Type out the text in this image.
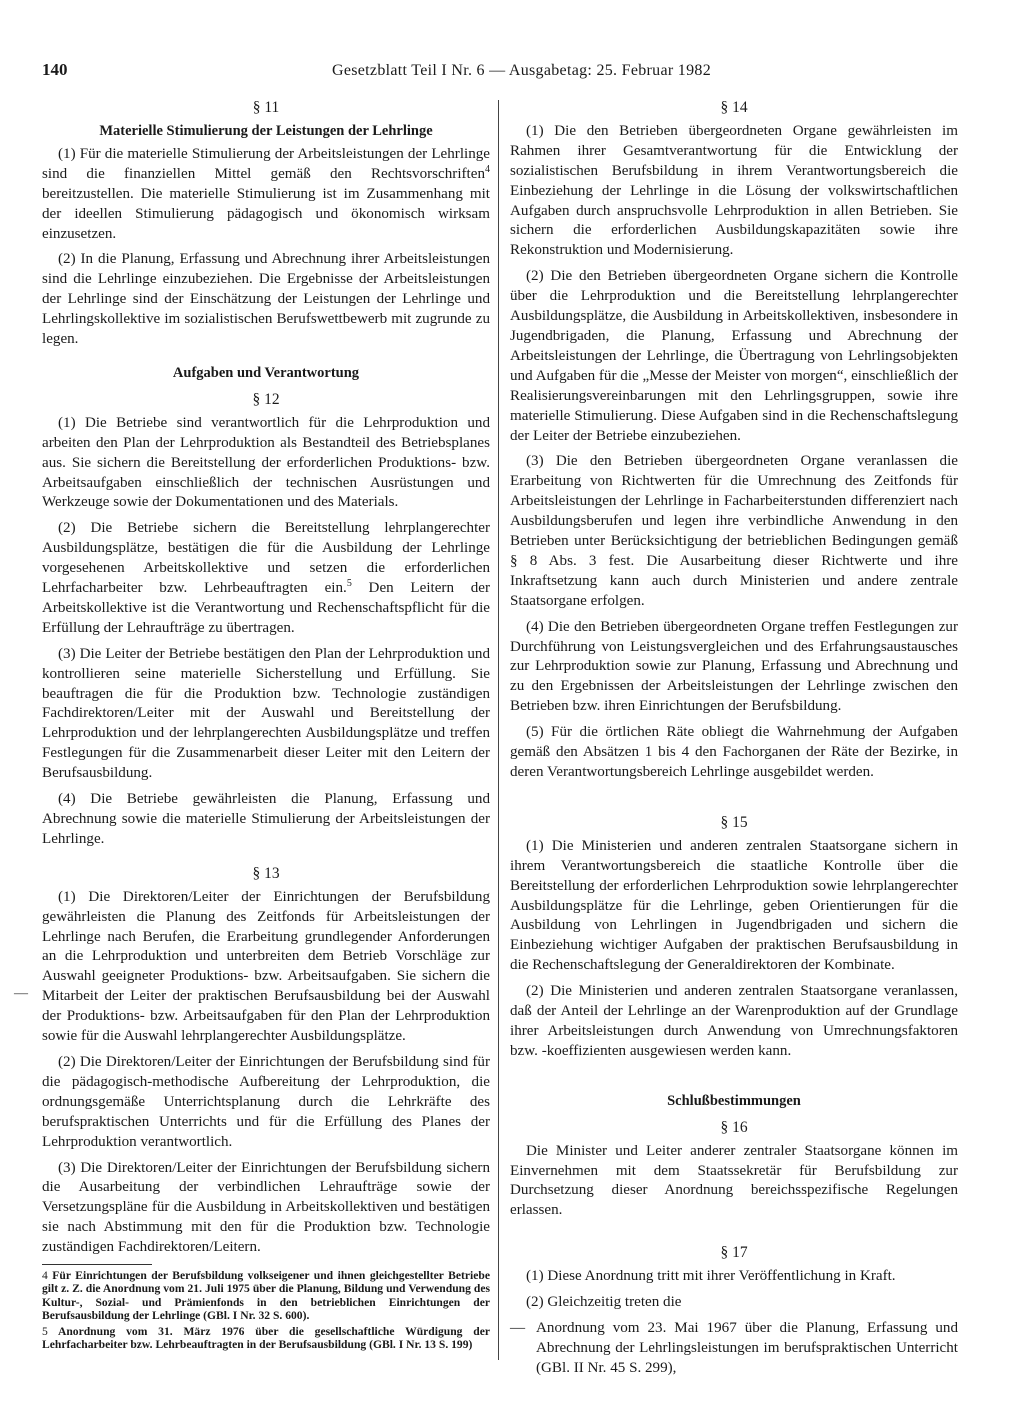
140	Gesetzblatt Teil I Nr. 6 — Ausgabetag: 25. Februar 1982
—
§ 11
Materielle Stimulierung der Leistungen der Lehrlinge

(1) Für die materielle Stimulierung der Arbeitsleistungen der Lehrlinge sind die finanziellen Mittel gemäß den Rechtsvorschriften$^4$ bereitzustellen. Die materielle Stimulierung ist im Zusammenhang mit der ideellen Stimulierung pädagogisch und ökonomisch wirksam einzusetzen.

(2) In die Planung, Erfassung und Abrechnung ihrer Arbeitsleistungen sind die Lehrlinge einzubeziehen. Die Ergebnisse der Arbeitsleistungen der Lehrlinge sind der Einschätzung der Leistungen der Lehrlinge und Lehrlingskollektive im sozialistischen Berufswettbewerb mit zugrunde zu legen.

Aufgaben und Verantwortung
§ 12

(1) Die Betriebe sind verantwortlich für die Lehrproduktion und arbeiten den Plan der Lehrproduktion als Bestandteil des Betriebsplanes aus. Sie sichern die Bereitstellung der erforderlichen Produktions- bzw. Arbeitsaufgaben einschließlich der technischen Ausrüstungen und Werkzeuge sowie der Dokumentationen und des Materials.

(2) Die Betriebe sichern die Bereitstellung lehrplangerechter Ausbildungsplätze, bestätigen die für die Ausbildung der Lehrlinge vorgesehenen Arbeitskollektive und setzen die erforderlichen Lehrfacharbeiter bzw. Lehrbeauftragten ein.$^5$ Den Leitern der Arbeitskollektive ist die Verantwortung und Rechenschaftspflicht für die Erfüllung der Lehraufträge zu übertragen.

(3) Die Leiter der Betriebe bestätigen den Plan der Lehrproduktion und kontrollieren seine materielle Sicherstellung und Erfüllung. Sie beauftragen die für die Produktion bzw. Technologie zuständigen Fachdirektoren/Leiter mit der Auswahl und Bereitstellung der Lehrproduktion und der lehrplangerechten Ausbildungsplätze und treffen Festlegungen für die Zusammenarbeit dieser Leiter mit den Leitern der Berufsausbildung.

(4) Die Betriebe gewährleisten die Planung, Erfassung und Abrechnung sowie die materielle Stimulierung der Arbeitsleistungen der Lehrlinge.

§ 13

(1) Die Direktoren/Leiter der Einrichtungen der Berufsbildung gewährleisten die Planung des Zeitfonds für Arbeitsleistungen der Lehrlinge nach Berufen, die Erarbeitung grundlegender Anforderungen an die Lehrproduktion und unterbreiten dem Betrieb Vorschläge zur Auswahl geeigneter Produktions- bzw. Arbeitsaufgaben. Sie sichern die Mitarbeit der Leiter der praktischen Berufsausbildung bei der Auswahl der Produktions- bzw. Arbeitsaufgaben für den Plan der Lehrproduktion sowie für die Auswahl lehrplangerechter Ausbildungsplätze.

(2) Die Direktoren/Leiter der Einrichtungen der Berufsbildung sind für die pädagogisch-methodische Aufbereitung der Lehrproduktion, die ordnungsgemäße Unterrichtsplanung durch die Lehrkräfte des berufspraktischen Unterrichts und für die Erfüllung des Planes der Lehrproduktion verantwortlich.

(3) Die Direktoren/Leiter der Einrichtungen der Berufsbildung sichern die Ausarbeitung der verbindlichen Lehraufträge sowie der Versetzungspläne für die Ausbildung in Arbeitskollektiven und bestätigen sie nach Abstimmung mit den für die Produktion bzw. Technologie zuständigen Fachdirektoren/Leitern.

4 Für Einrichtungen der Berufsbildung volkseigener und ihnen gleichgestellter Betriebe gilt z. Z. die Anordnung vom 21. Juli 1975 über die Planung, Bildung und Verwendung des Kultur-, Sozial- und Prämienfonds in den betrieblichen Einrichtungen der Berufsausbildung der Lehrlinge (GBl. I Nr. 32 S. 600).
5 Anordnung vom 31. März 1976 über die gesellschaftliche Würdigung der Lehrfacharbeiter bzw. Lehrbeauftragten in der Berufsausbildung (GBl. I Nr. 13 S. 199)
§ 14

(1) Die den Betrieben übergeordneten Organe gewährleisten im Rahmen ihrer Gesamtverantwortung für die Entwicklung der sozialistischen Berufsbildung in ihrem Verantwortungsbereich die Einbeziehung der Lehrlinge in die Lösung der volkswirtschaftlichen Aufgaben durch anspruchsvolle Lehrproduktion in allen Betrieben. Sie sichern die erforderlichen Ausbildungskapazitäten sowie ihre Rekonstruktion und Modernisierung.

(2) Die den Betrieben übergeordneten Organe sichern die Kontrolle über die Lehrproduktion und die Bereitstellung lehrplangerechter Ausbildungsplätze, die Ausbildung in Arbeitskollektiven, insbesondere in Jugendbrigaden, die Planung, Erfassung und Abrechnung der Arbeitsleistungen der Lehrlinge, die Übertragung von Lehrlingsobjekten und Aufgaben für die „Messe der Meister von morgen“, einschließlich der Realisierungsvereinbarungen mit den Lehrlingsgruppen, sowie ihre materielle Stimulierung. Diese Aufgaben sind in die Rechenschaftslegung der Leiter der Betriebe einzubeziehen.

(3) Die den Betrieben übergeordneten Organe veranlassen die Erarbeitung von Richtwerten für die Umrechnung des Zeitfonds für Arbeitsleistungen der Lehrlinge in Facharbeiterstunden differenziert nach Ausbildungsberufen und legen ihre verbindliche Anwendung in den Betrieben unter Berücksichtigung der betrieblichen Bedingungen gemäß § 8 Abs. 3 fest. Die Ausarbeitung dieser Richtwerte und ihre Inkraftsetzung kann auch durch Ministerien und andere zentrale Staatsorgane erfolgen.

(4) Die den Betrieben übergeordneten Organe treffen Festlegungen zur Durchführung von Leistungsvergleichen und des Erfahrungsaustausches zur Lehrproduktion sowie zur Planung, Erfassung und Abrechnung und zu den Ergebnissen der Arbeitsleistungen der Lehrlinge zwischen den Betrieben bzw. ihren Einrichtungen der Berufsbildung.

(5) Für die örtlichen Räte obliegt die Wahrnehmung der Aufgaben gemäß den Absätzen 1 bis 4 den Fachorganen der Räte der Bezirke, in deren Verantwortungsbereich Lehrlinge ausgebildet werden.

§ 15

(1) Die Ministerien und anderen zentralen Staatsorgane sichern in ihrem Verantwortungsbereich die staatliche Kontrolle über die Bereitstellung der erforderlichen Lehrproduktion sowie lehrplangerechter Ausbildungsplätze für die Lehrlinge, geben Orientierungen für die Ausbildung von Lehrlingen in Jugendbrigaden und sichern die Einbeziehung wichtiger Aufgaben der praktischen Berufsausbildung in die Rechenschaftslegung der Generaldirektoren der Kombinate.

(2) Die Ministerien und anderen zentralen Staatsorgane veranlassen, daß der Anteil der Lehrlinge an der Warenproduktion auf der Grundlage ihrer Arbeitsleistungen durch Anwendung von Umrechnungsfaktoren bzw. -koeffizienten ausgewiesen werden kann.

Schlußbestimmungen
§ 16

Die Minister und Leiter anderer zentraler Staatsorgane können im Einvernehmen mit dem Staatssekretär für Berufsbildung zur Durchsetzung dieser Anordnung bereichsspezifische Regelungen erlassen.

§ 17

(1) Diese Anordnung tritt mit ihrer Veröffentlichung in Kraft.

(2) Gleichzeitig treten die

— Anordnung vom 23. Mai 1967 über die Planung, Erfassung und Abrechnung der Lehrlingsleistungen im berufspraktischen Unterricht (GBl. II Nr. 45 S. 299),
